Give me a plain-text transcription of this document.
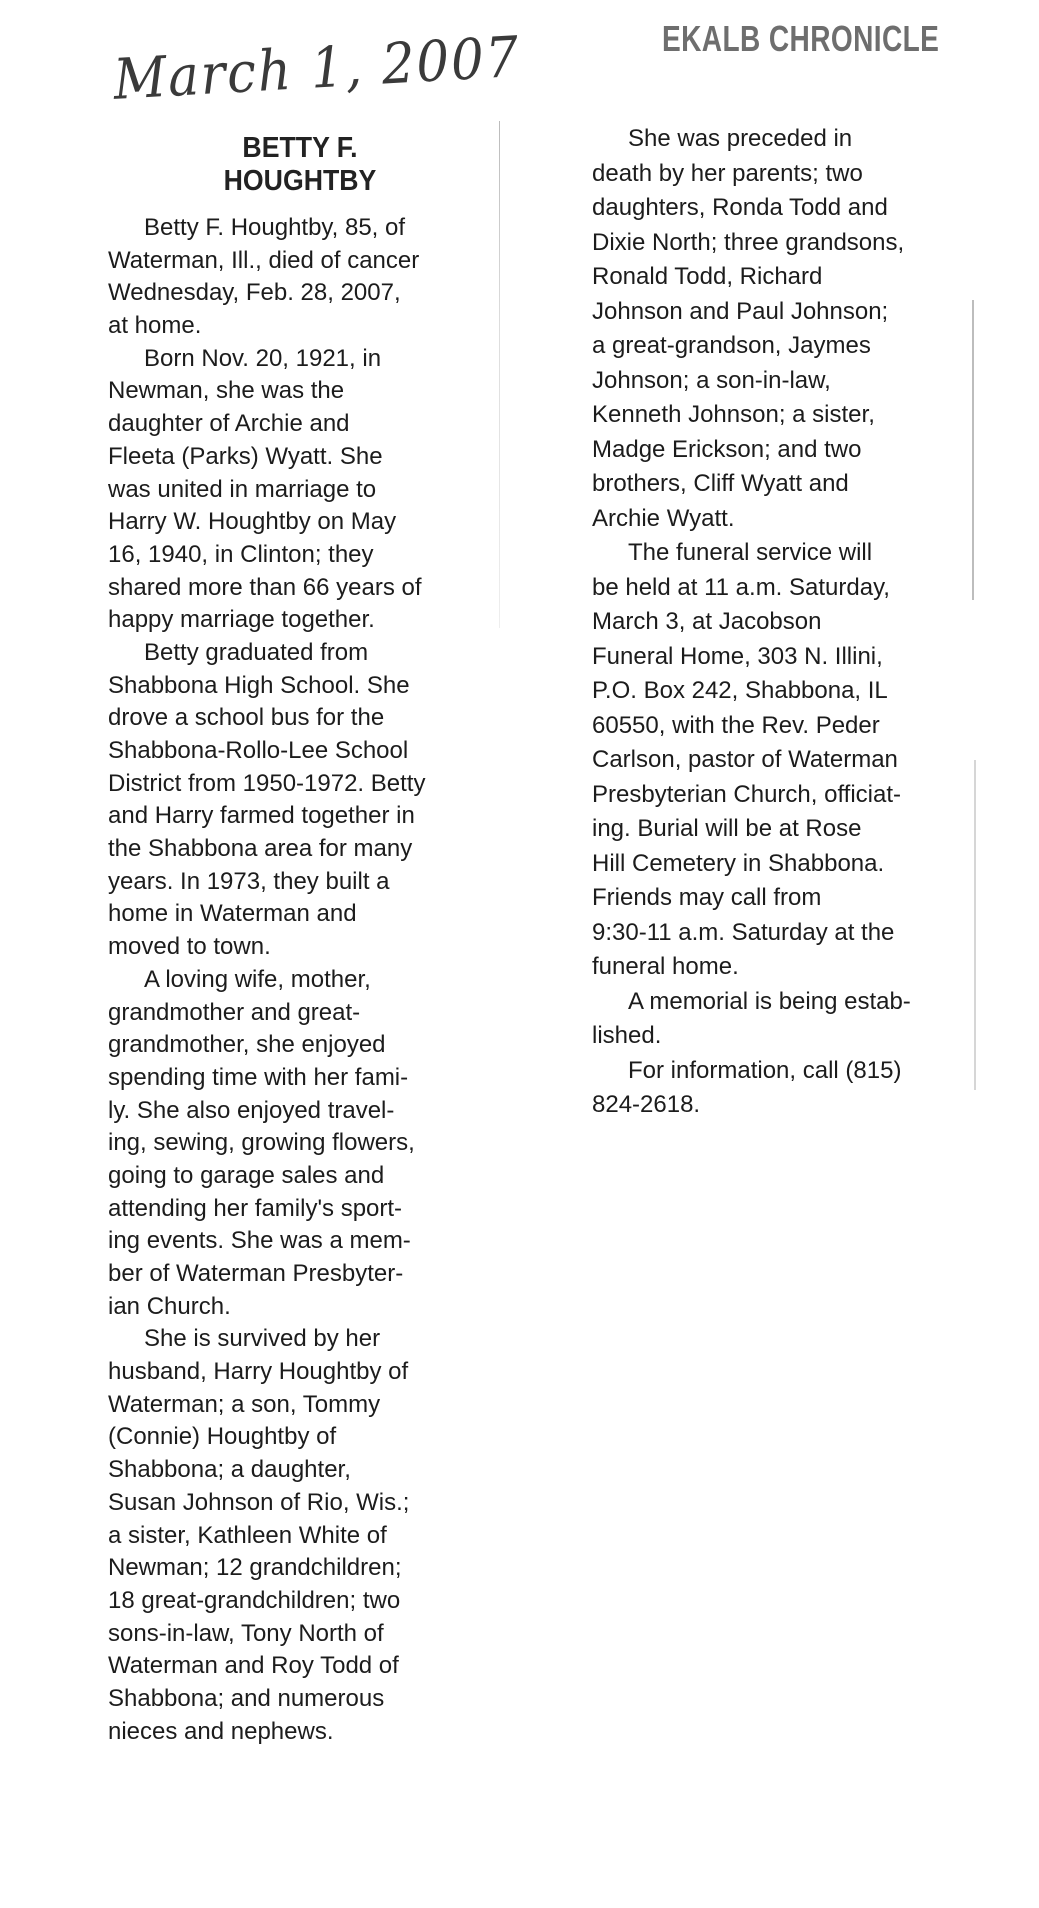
EKALB CHRONICLE
March 1, 2007
BETTY F.
HOUGHTBY
Betty F. Houghtby, 85, of
Waterman, Ill., died of cancer
Wednesday, Feb. 28, 2007,
at home.
Born Nov. 20, 1921, in
Newman, she was the
daughter of Archie and
Fleeta (Parks) Wyatt. She
was united in marriage to
Harry W. Houghtby on May
16, 1940, in Clinton; they
shared more than 66 years of
happy marriage together.
Betty graduated from
Shabbona High School. She
drove a school bus for the
Shabbona-Rollo-Lee School
District from 1950-1972. Betty
and Harry farmed together in
the Shabbona area for many
years. In 1973, they built a
home in Waterman and
moved to town.
A loving wife, mother,
grandmother and great-
grandmother, she enjoyed
spending time with her fami-
ly. She also enjoyed travel-
ing, sewing, growing flowers,
going to garage sales and
attending her family's sport-
ing events. She was a mem-
ber of Waterman Presbyter-
ian Church.
She is survived by her
husband, Harry Houghtby of
Waterman; a son, Tommy
(Connie) Houghtby of
Shabbona; a daughter,
Susan Johnson of Rio, Wis.;
a sister, Kathleen White of
Newman; 12 grandchildren;
18 great-grandchildren; two
sons-in-law, Tony North of
Waterman and Roy Todd of
Shabbona; and numerous
nieces and nephews.
She was preceded in
death by her parents; two
daughters, Ronda Todd and
Dixie North; three grandsons,
Ronald Todd, Richard
Johnson and Paul Johnson;
a great-grandson, Jaymes
Johnson; a son-in-law,
Kenneth Johnson; a sister,
Madge Erickson; and two
brothers, Cliff Wyatt and
Archie Wyatt.
The funeral service will
be held at 11 a.m. Saturday,
March 3, at Jacobson
Funeral Home, 303 N. Illini,
P.O. Box 242, Shabbona, IL
60550, with the Rev. Peder
Carlson, pastor of Waterman
Presbyterian Church, officiat-
ing. Burial will be at Rose
Hill Cemetery in Shabbona.
Friends may call from
9:30-11 a.m. Saturday at the
funeral home.
A memorial is being estab-
lished.
For information, call (815)
824-2618.
